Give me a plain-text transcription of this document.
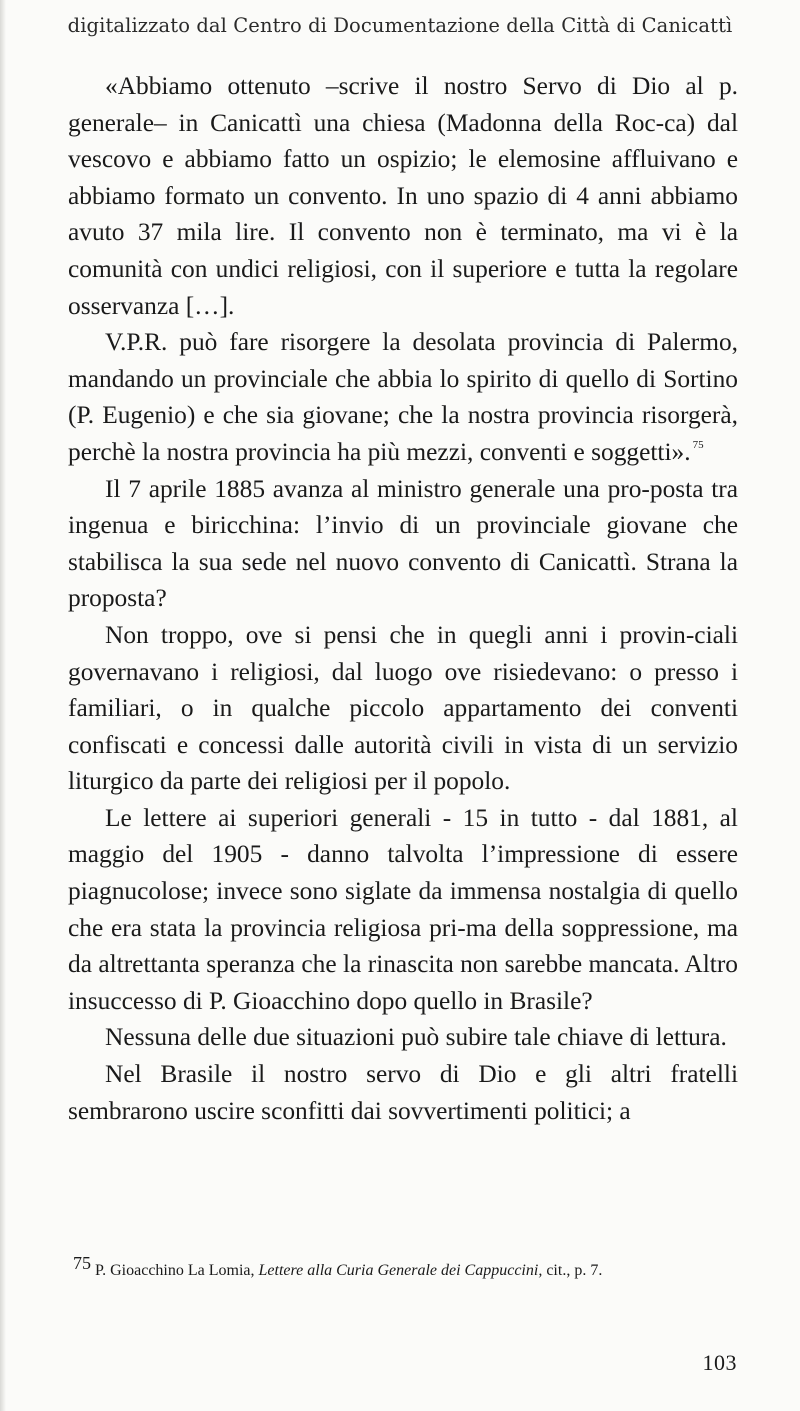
digitalizzato dal Centro di Documentazione della Città di Canicattì

«Abbiamo ottenuto –scrive il nostro Servo di Dio al p. generale– in Canicattì una chiesa (Madonna della Roc-ca) dal vescovo e abbiamo fatto un ospizio; le elemosine affluivano e abbiamo formato un convento. In uno spazio di 4 anni abbiamo avuto 37 mila lire. Il convento non è terminato, ma vi è la comunità con undici religiosi, con il superiore e tutta la regolare osservanza […].

V.P.R. può fare risorgere la desolata provincia di Palermo, mandando un provinciale che abbia lo spirito di quello di Sortino (P. Eugenio) e che sia giovane; che la nostra provincia risorgerà, perchè la nostra provincia ha più mezzi, conventi e soggetti». $^{75}$

Il 7 aprile 1885 avanza al ministro generale una pro-posta tra ingenua e biricchina: l’invio di un provinciale giovane che stabilisca la sua sede nel nuovo convento di Canicattì. Strana la proposta?

Non troppo, ove si pensi che in quegli anni i provin-ciali governavano i religiosi, dal luogo ove risiedevano: o presso i familiari, o in qualche piccolo appartamento dei conventi confiscati e concessi dalle autorità civili in vista di un servizio liturgico da parte dei religiosi per il popolo.

Le lettere ai superiori generali - 15 in tutto - dal 1881, al maggio del 1905 - danno talvolta l’impressione di essere piagnucolose; invece sono siglate da immensa nostalgia di quello che era stata la provincia religiosa pri-ma della soppressione, ma da altrettanta speranza che la rinascita non sarebbe mancata. Altro insuccesso di P. Gioacchino dopo quello in Brasile?

Nessuna delle due situazioni può subire tale chiave di lettura.

Nel Brasile il nostro servo di Dio e gli altri fratelli sembrarono uscire sconfitti dai sovvertimenti politici; a

75 P. Gioacchino La Lomia, Lettere alla Curia Generale dei Cappuccini, cit., p. 7.

103
